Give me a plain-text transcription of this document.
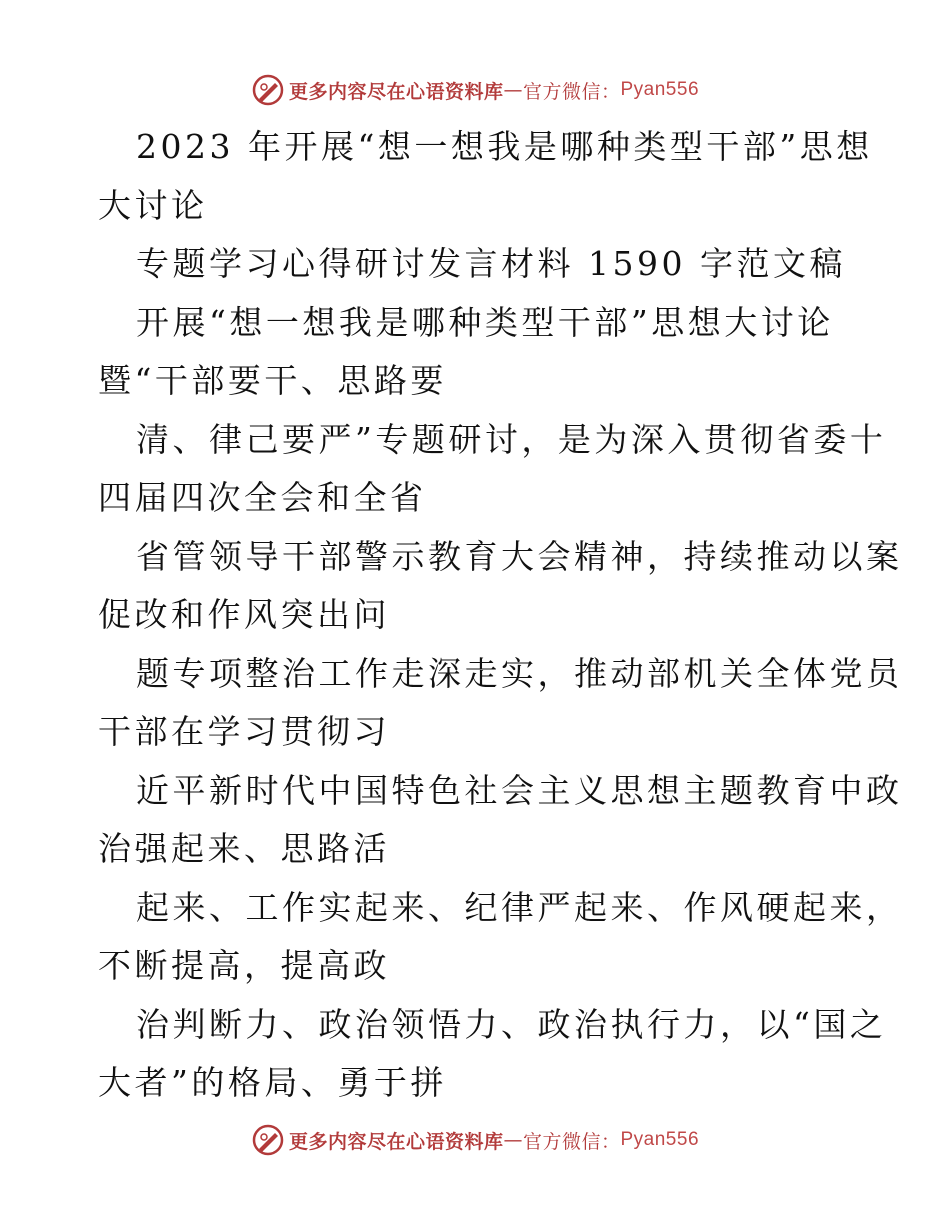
更多内容尽在心语资料库 — 官方微信： Pyan556
2023 年开展“想一想我是哪种类型干部”思想
大讨论
专题学习心得研讨发言材料 1590 字范文稿
开展“想一想我是哪种类型干部”思想大讨论
暨“干部要干、思路要
清、律己要严”专题研讨，是为深入贯彻省委十
四届四次全会和全省
省管领导干部警示教育大会精神，持续推动以案
促改和作风突出问
题专项整治工作走深走实，推动部机关全体党员
干部在学习贯彻习
近平新时代中国特色社会主义思想主题教育中政
治强起来、思路活
起来、工作实起来、纪律严起来、作风硬起来，
不断提高，提高政
治判断力、政治领悟力、政治执行力，以“国之
大者”的格局、勇于拼
更多内容尽在心语资料库 — 官方微信： Pyan556
